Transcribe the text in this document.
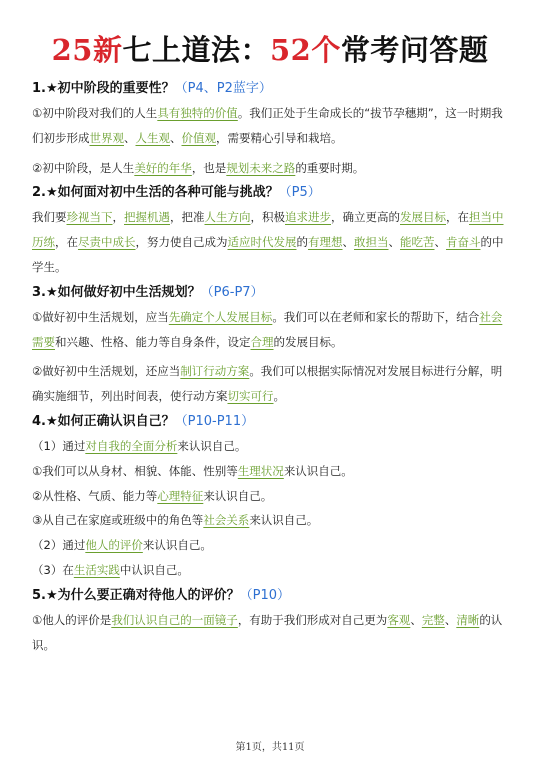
25新七上道法：52个常考问答题
1.★初中阶段的重要性？（P4、P2蓝字）
①初中阶段对我们的人生具有独特的价值。我们正处于生命成长的“拔节孕穗期”，这一时期我们初步形成世界观、人生观、价值观，需要精心引导和栽培。
②初中阶段，是人生美好的年华，也是规划未来之路的重要时期。
2.★如何面对初中生活的各种可能与挑战？（P5）
我们要珍视当下，把握机遇，把准人生方向，积极追求进步，确立更高的发展目标，在担当中历练，在尽责中成长，努力使自己成为适应时代发展的有理想、敢担当、能吃苦、肯奋斗的中学生。
3.★如何做好初中生活规划？（P6-P7）
①做好初中生活规划，应当先确定个人发展目标。我们可以在老师和家长的帮助下，结合社会需要和兴趣、性格、能力等自身条件，设定合理的发展目标。
②做好初中生活规划，还应当制订行动方案。我们可以根据实际情况对发展目标进行分解，明确实施细节，列出时间表，使行动方案切实可行。
4.★如何正确认识自己？（P10-P11）
（1）通过对自我的全面分析来认识自己。
①我们可以从身材、相貌、体能、性别等生理状况来认识自己。
②从性格、气质、能力等心理特征来认识自己。
③从自己在家庭或班级中的角色等社会关系来认识自己。
（2）通过他人的评价来认识自己。
（3）在生活实践中认识自己。
5.★为什么要正确对待他人的评价？（P10）
①他人的评价是我们认识自己的一面镜子，有助于我们形成对自己更为客观、完整、清晰的认识。
第1页，共11页
